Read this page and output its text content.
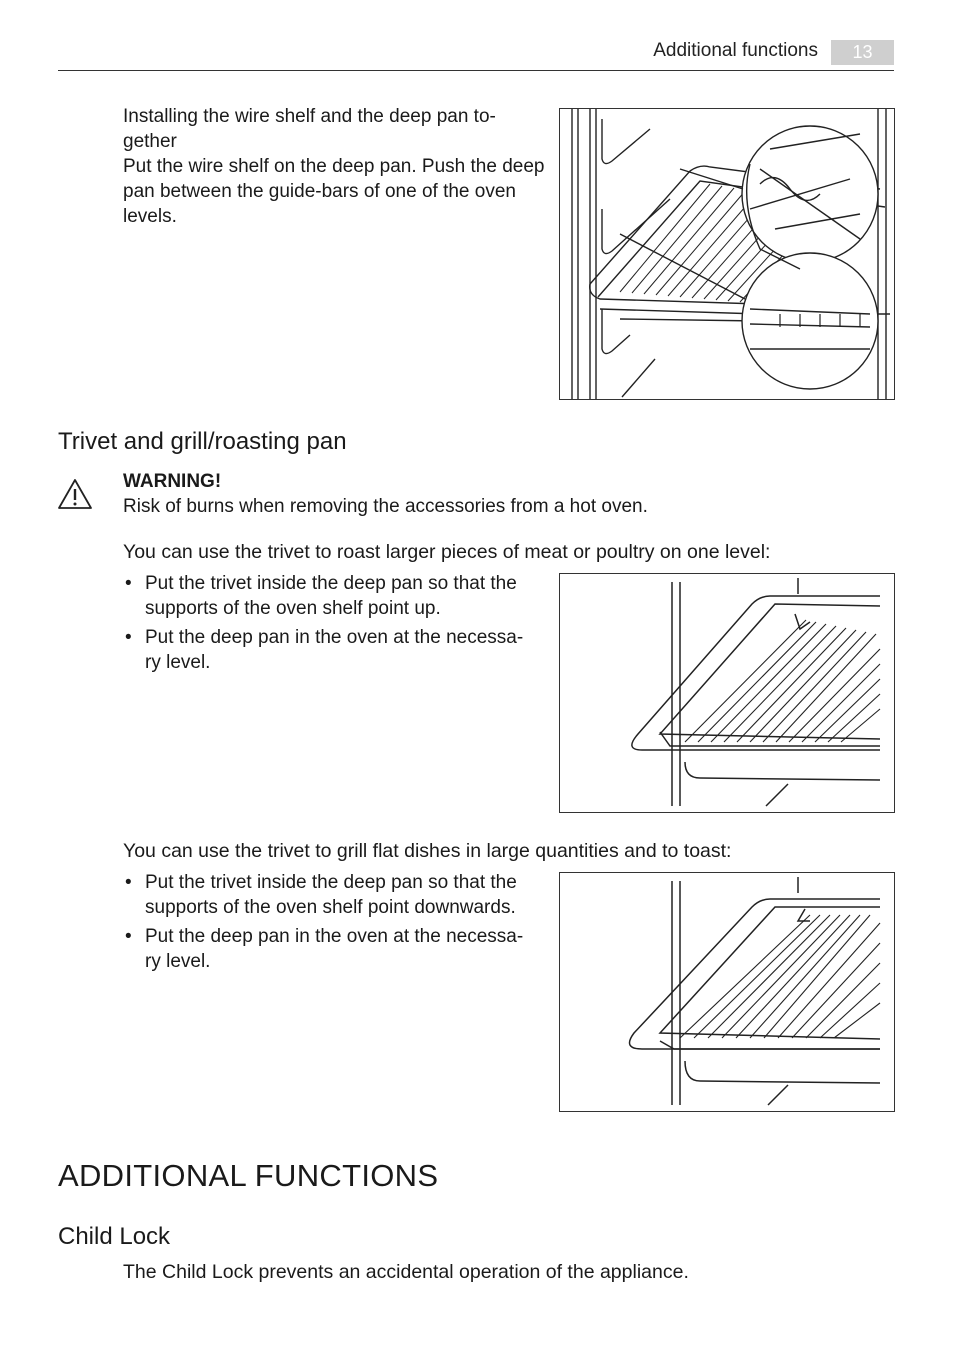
Additional functions	13
Installing the wire shelf and the deep pan to-
gether
Put the wire shelf on the deep pan. Push the deep
pan between the guide-bars of one of the oven
levels.
Trivet and grill/roasting pan
WARNING!
Risk of burns when removing the accessories from a hot oven.
You can use the trivet to roast larger pieces of meat or poultry on one level:
• Put the trivet inside the deep pan so that the supports of the oven shelf point up.
• Put the deep pan in the oven at the necessa-ry level.
You can use the trivet to grill flat dishes in large quantities and to toast:
• Put the trivet inside the deep pan so that the supports of the oven shelf point downwards.
• Put the deep pan in the oven at the necessa-ry level.
ADDITIONAL FUNCTIONS
Child Lock
The Child Lock prevents an accidental operation of the appliance.
